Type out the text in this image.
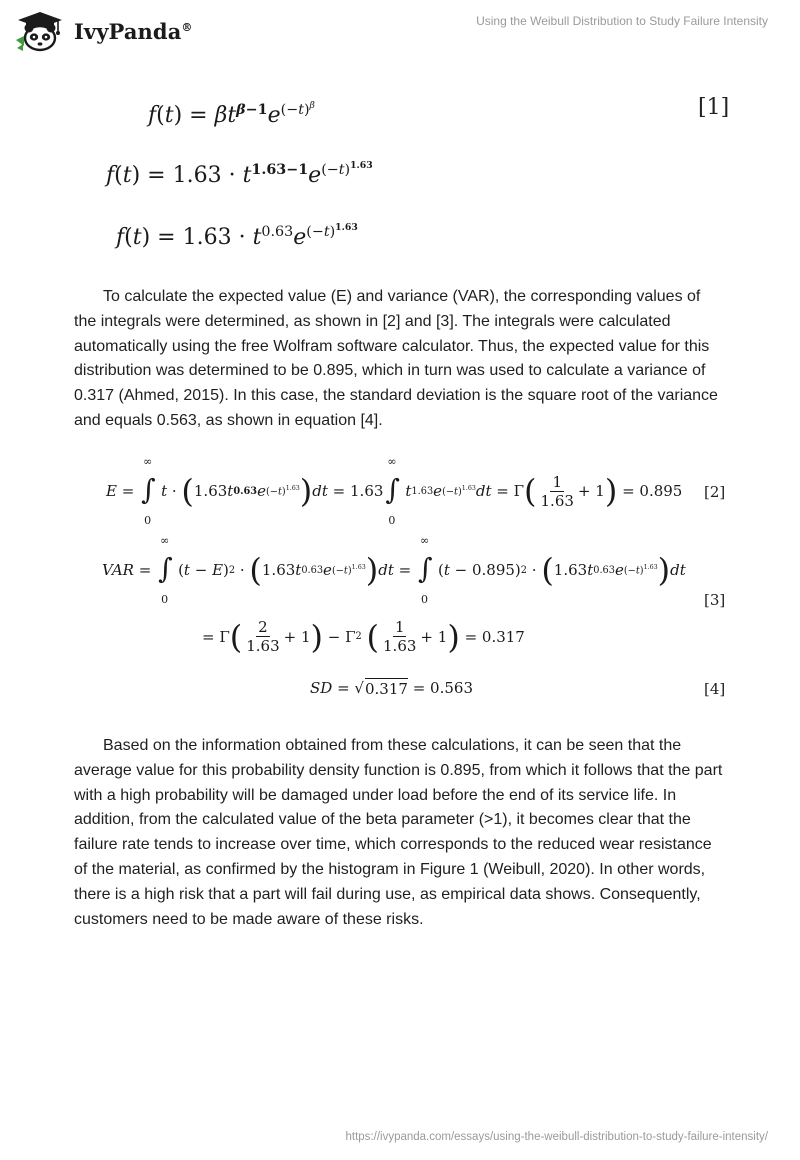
IvyPanda®	Using the Weibull Distribution to Study Failure Intensity
$f(t) = \beta t^{\beta-1}e^{(-t)^\beta}$	[1]
$f(t) = 1.63 \cdot t^{1.63-1}e^{(-t)^{1.63}}$
$f(t) = 1.63 \cdot t^{0.63}e^{(-t)^{1.63}}$

To calculate the expected value (E) and variance (VAR), the corresponding values of the integrals were determined, as shown in [2] and [3]. The integrals were calculated automatically using the free Wolfram software calculator. Thus, the expected value for this distribution was determined to be 0.895, which in turn was used to calculate a variance of 0.317 (Ahmed, 2015). In this case, the standard deviation is the square root of the variance and equals 0.563, as shown in equation [4].

E =
∞
∫
0
t · ( 1.63 t 0.63 e $(-t)^{1.63}$ ) dt = 1.63
∞
∫
0
t 1.63 e $(-t)^{1.63}$ dt = Γ ( $\frac{1}{1.63} + 1$ ) = 0.895 [2]
VAR =
∞
∫
0
( t − E ) 2 · ( 1.63 t 0.63 e $(-t)^{1.63}$ ) dt =
∞
∫
0
( t − 0.895) 2 · ( 1.63 t 0.63 e $(-t)^{1.63}$ ) dt
[3]
= Γ ( $\frac{2}{1.63} + 1$ ) − Γ 2
( $\frac{1}{1.63} + 1$ ) = 0.317
SD = √ 0.317 = 0.563	[4]

Based on the information obtained from these calculations, it can be seen that the average value for this probability density function is 0.895, from which it follows that the part with a high probability will be damaged under load before the end of its service life. In addition, from the calculated value of the beta parameter (>1), it becomes clear that the failure rate tends to increase over time, which corresponds to the reduced wear resistance of the material, as confirmed by the histogram in Figure 1 (Weibull, 2020). In other words, there is a high risk that a part will fail during use, as empirical data shows. Consequently, customers need to be made aware of these risks.

https://ivypanda.com/essays/using-the-weibull-distribution-to-study-failure-intensity/
